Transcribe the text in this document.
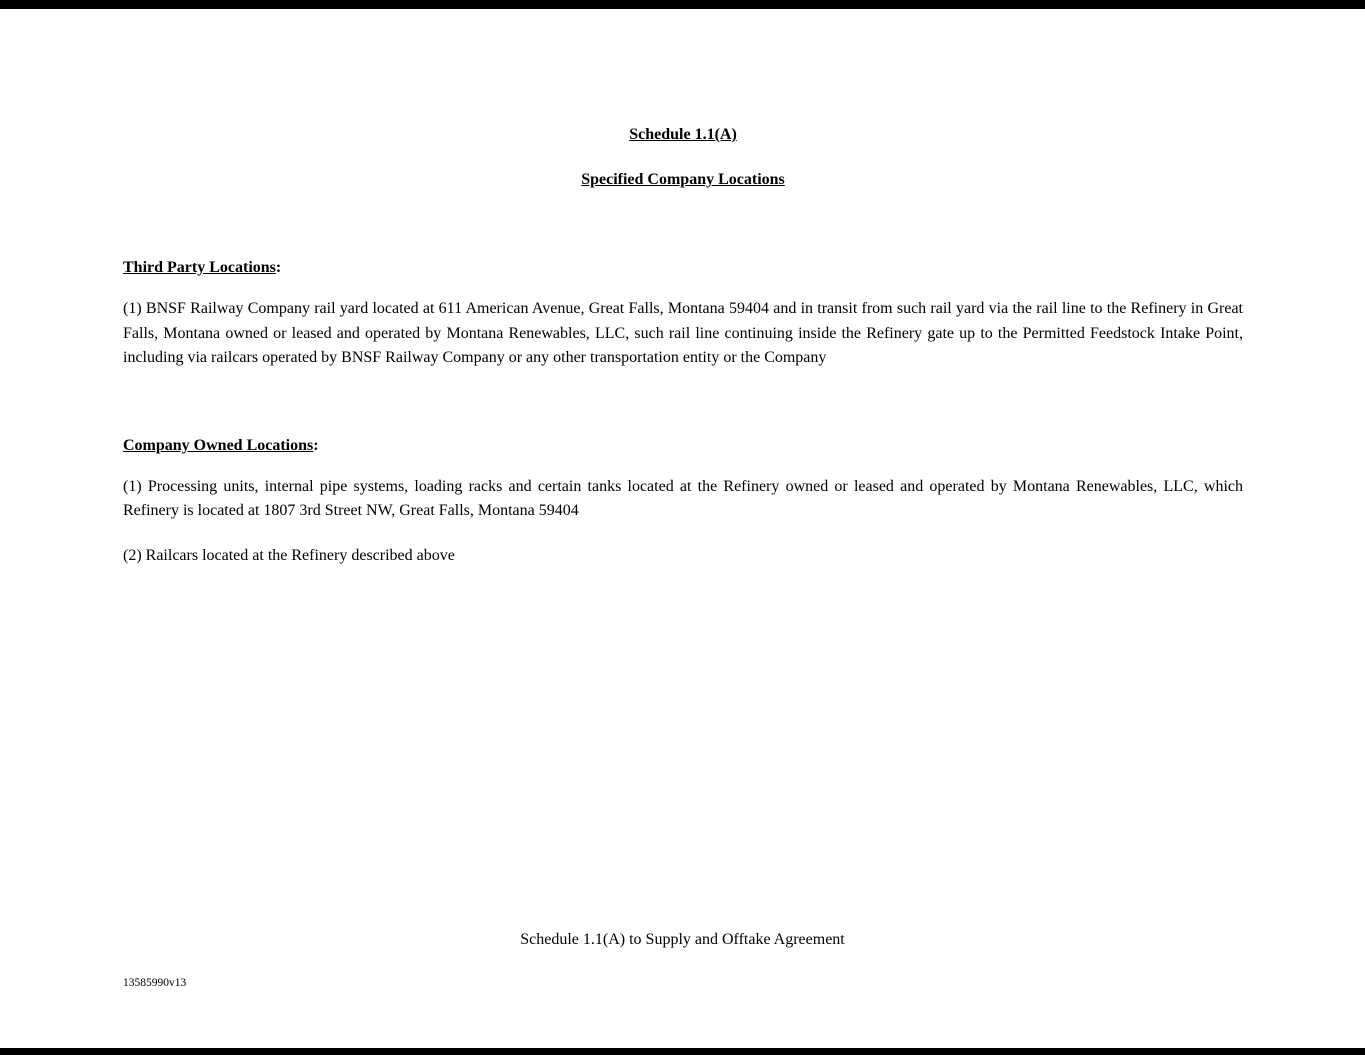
Schedule 1.1(A)
Specified Company Locations
Third Party Locations:

(1) BNSF Railway Company rail yard located at 611 American Avenue, Great Falls, Montana 59404 and in transit from such rail yard via the rail line to the Refinery in Great Falls, Montana owned or leased and operated by Montana Renewables, LLC, such rail line continuing inside the Refinery gate up to the Permitted Feedstock Intake Point, including via railcars operated by BNSF Railway Company or any other transportation entity or the Company

Company Owned Locations:

(1) Processing units, internal pipe systems, loading racks and certain tanks located at the Refinery owned or leased and operated by Montana Renewables, LLC, which Refinery is located at 1807 3rd Street NW, Great Falls, Montana 59404

(2) Railcars located at the Refinery described above

Schedule 1.1(A) to Supply and Offtake Agreement
13585990v13
